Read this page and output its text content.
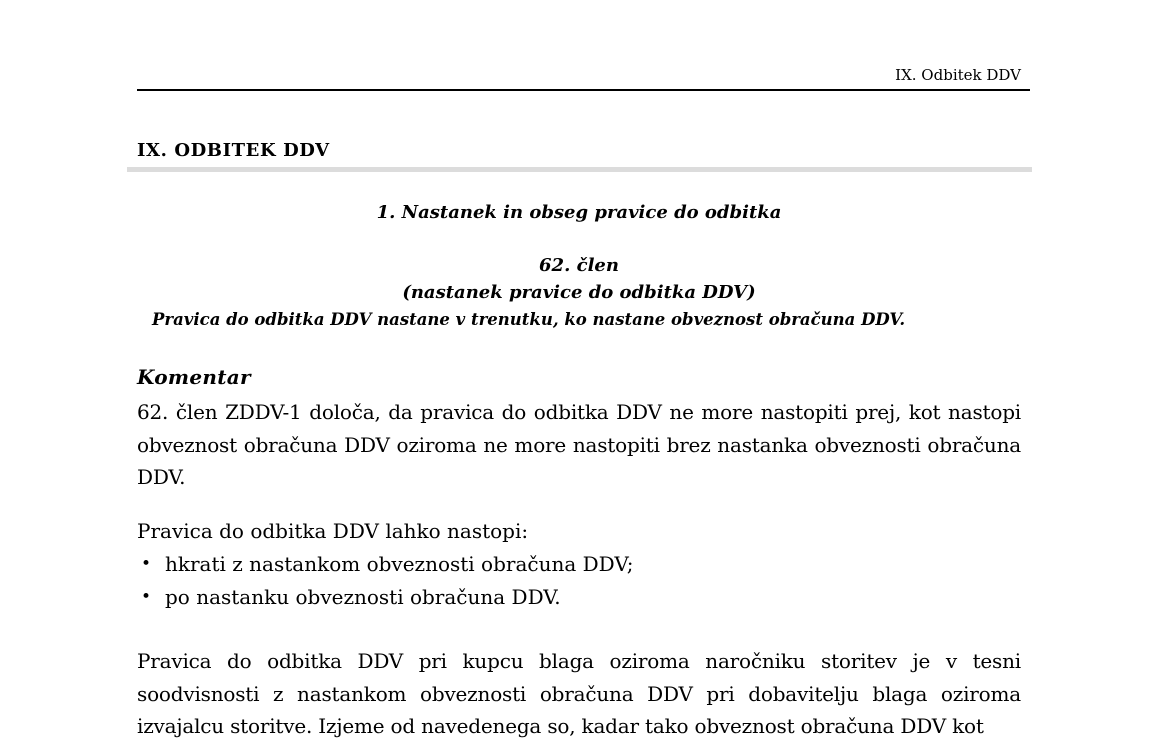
IX. Odbitek DDV
IX. ODBITEK DDV
1. Nastanek in obseg pravice do odbitka
62. člen
(nastanek pravice do odbitka DDV)
Pravica do odbitka DDV nastane v trenutku, ko nastane obveznost obračuna DDV.
Komentar
62. člen ZDDV-1 določa, da pravica do odbitka DDV ne more nastopiti prej, kot nastopi obveznost obračuna DDV oziroma ne more nastopiti brez nastanka obveznosti obračuna DDV.
Pravica do odbitka DDV lahko nastopi:
• hkrati z nastankom obveznosti obračuna DDV;
• po nastanku obveznosti obračuna DDV.
Pravica do odbitka DDV pri kupcu blaga oziroma naročniku storitev je v tesni soodvisnosti z nastankom obveznosti obračuna DDV pri dobavitelju blaga oziroma izvajalcu storitve. Izjeme od navedenega so, kadar tako obveznost obračuna DDV kot
